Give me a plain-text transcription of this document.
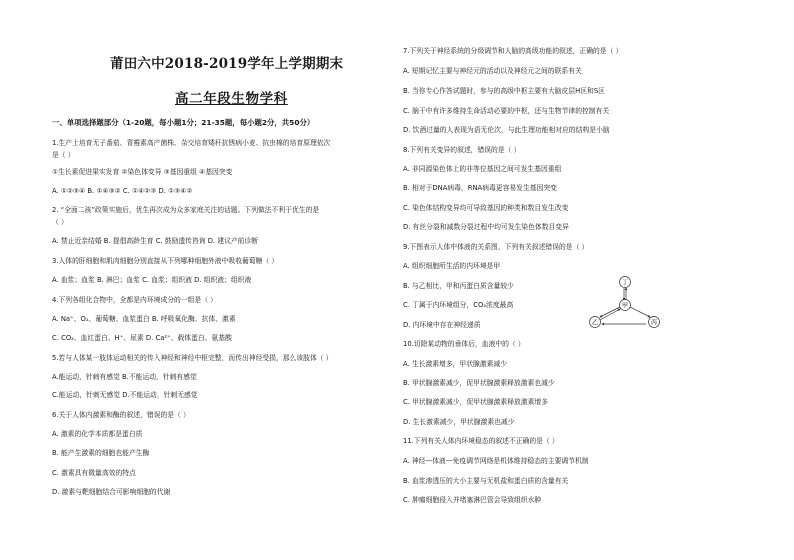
莆田六中2018-2019学年上学期期末
高二年段生物学科
一、单项选择题部分（1-20题，每小题1分；21-35题，每小题2分，共50分）
1.生产上培育无子番茄、青霉素高产菌株、杂交培育矮秆抗锈病小麦、抗虫棉的培育原理依次
是（ ）
①生长素促进果实发育 ②染色体变异 ③基因重组 ④基因突变
A. ①②③④ B. ①④③② C. ①④②③ D. ①③④②
2. “全面二孩”政策实施后，优生再次成为众多家庭关注的话题。下列做法不利于优生的是
（ ）
A. 禁止近亲结婚 B. 提倡高龄生育 C. 鼓励遗传咨询 D. 建议产前诊断
3.人体的肝细胞和肌肉细胞分别直接从下列哪种细胞外液中吸收葡萄糖（ ）
A. 血浆；血浆 B. 淋巴；血浆 C. 血浆；组织液 D. 组织液；组织液
4.下列各组化合物中，全都是内环境成分的一组是（ ）
A. Na⁺、O₂、葡萄糖、血浆蛋白 B. 呼吸氧化酶、抗体、激素
C. CO₂、血红蛋白、H⁺、尿素 D. Ca²⁺、载体蛋白、氨基酸
5.若与人体某一肢体运动相关的传入神经和神经中枢完整，而传出神经受损，那么该肢体（ ）
A.能运动，针刺有感觉 B.不能运动，针刺有感觉
C.能运动，针刺无感觉 D.不能运动，针刺无感觉
6.关于人体内激素和酶的叙述，错误的是（ ）
A. 激素的化学本质都是蛋白质
B. 能产生激素的细胞也能产生酶
C. 激素具有微量高效的特点
D. 激素与靶细胞结合可影响细胞的代谢
7.下列关于神经系统的分级调节和人脑的高级功能的叙述，正确的是（ ）
A. 短期记忆主要与神经元的活动以及神经元之间的联系有关
B. 当你专心作答试题时，参与的高级中枢主要有大脑皮层H区和S区
C. 脑干中有许多维持生命活动必要的中枢，还与生物节律的控制有关
D. 饮酒过量的人表现为语无伦次，与此生理功能相对应的结构是小脑
8.下列有关变异的叙述，错误的是（ ）
A. 非同源染色体上的非等位基因之间可发生基因重组
B. 相对于DNA病毒，RNA病毒更容易发生基因突变
C. 染色体结构变异均可导致基因的种类和数目发生改变
D. 有丝分裂和减数分裂过程中均可发生染色体数目变异
9.下图表示人体中体液的关系图，下列有关叙述错误的是（ ）
A. 组织细胞所生活的内环境是甲
B. 与乙相比，甲和丙蛋白质含量较少
C. 丁属于内环境组分，CO₂浓度最高
D. 内环境中存在神经递质
10.切除某动物的垂体后，血液中的（ ）
A. 生长激素增多，甲状腺激素减少
B. 甲状腺激素减少，促甲状腺激素释放激素也减少
C. 甲状腺激素减少，促甲状腺激素释放激素增多
D. 生长激素减少，甲状腺激素也减少
11.下列有关人体内环境稳态的叙述不正确的是（ ）
A. 神经—体液—免疫调节网络是机体维持稳态的主要调节机制
B. 血浆渗透压的大小主要与无机盐和蛋白质的含量有关
C. 肿瘤细胞侵入并堵塞淋巴管会导致组织水肿
丁
甲
乙	丙
